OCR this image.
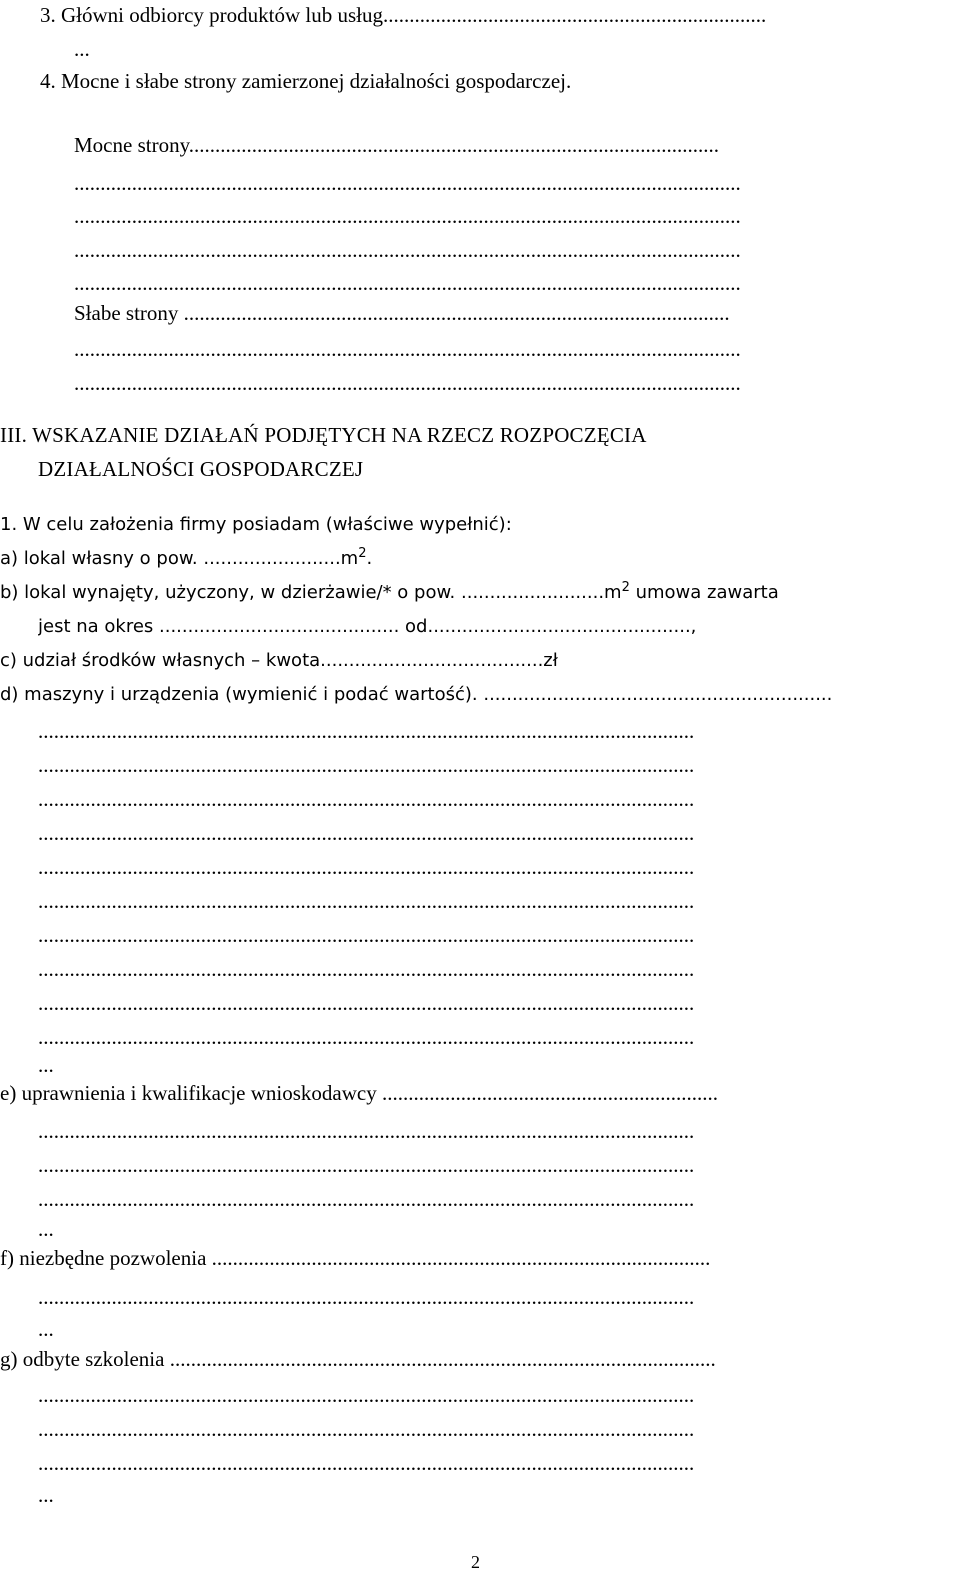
3. Główni odbiorcy produktów lub usług.........................................................................
...
4. Mocne i słabe strony zamierzonej działalności gospodarczej.
Mocne strony.....................................................................................................
...............................................................................................................................
...............................................................................................................................
...............................................................................................................................
...............................................................................................................................
Słabe strony ........................................................................................................
...............................................................................................................................
...............................................................................................................................
III. WSKAZANIE DZIAŁAŃ PODJĘTYCH NA RZECZ ROZPOCZĘCIA
DZIAŁALNOŚCI GOSPODARCZEJ
1. W celu założenia firmy posiadam (właściwe wypełnić):
a) lokal własny o pow. $........................m^2$.
b) lokal wynajęty, użyczony, w dzierżawie/* o pow. $.........................m^2$ umowa zawarta
jest na okres .......................................... od..............................................,
c) udział środków własnych – kwota.......................................zł
d) maszyny i urządzenia (wymienić i podać wartość). .............................................................
.............................................................................................................................
.............................................................................................................................
.............................................................................................................................
.............................................................................................................................
.............................................................................................................................
.............................................................................................................................
.............................................................................................................................
.............................................................................................................................
.............................................................................................................................
.............................................................................................................................
...
e) uprawnienia i kwalifikacje wnioskodawcy ................................................................
.............................................................................................................................
.............................................................................................................................
.............................................................................................................................
...
f) niezbędne pozwolenia ...............................................................................................
.............................................................................................................................
...
g) odbyte szkolenia ........................................................................................................
.............................................................................................................................
.............................................................................................................................
.............................................................................................................................
...
2
